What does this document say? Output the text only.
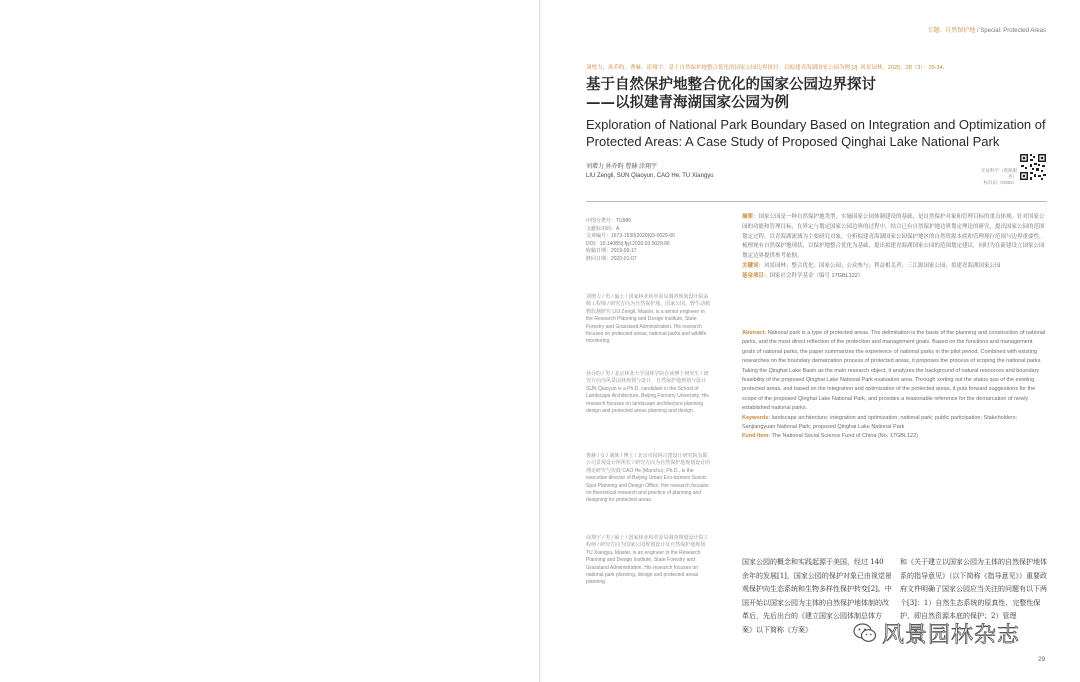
专题：自然保护地 / Special: Protected Areas
刘增力，孙乔昀，曹赫，涂翔宇．基于自然保护地整合优化的国家公园边界探讨：以拟建青海湖国家公园为例 [J]. 风景园林，2020，28（3）：29-34.
基于自然保护地整合优化的国家公园边界探讨
——以拟建青海湖国家公园为例
Exploration of National Park Boundary Based on Integration and Optimization of
Protected Areas: A Case Study of Proposed Qinghai Lake National Park
刘增力 孙乔昀 曹赫 涂翔宇
LIU Zengli, SUN Qiaoyun, CAO He, TU Xiangyu
开放科学（资源服务）
标识码（OSID）
中图分类号：TU986
文献标识码：A
文章编号：1673-1530(2020)03-0029-06
DOI：10.14085/j.fjyl.2020.03.0029.06
收稿日期：2019-09-17
修回日期：2020-01-07
刘增力 / 男 / 硕士 / 国家林业和草原局调查规划设计院高级工程师 / 研究方向为自然保护地、国家公园、野生动植物监测研究 LIU Zengli, Master, is a senior engineer in the Research Planning and Design Institute, State Forestry and Grassland Administration. His research focuses on protected areas, national parks and wildlife monitoring.
孙乔昀 / 男 / 北京林业大学园林学院在读博士研究生 / 研究方向为风景园林规划与设计、自然保护地规划与设计 SUN Qiaoyun is a Ph.D. candidate in the School of Landscape Architecture, Beijing Forestry University. His research focuses on landscape architecture planning design and protected areas planning and design.
曹赫 / 女 / 满族 / 博士 / 北京市园林古建设计研究院有限公司景观设计所所长 / 研究方向为自然保护地规划设计的理论研究与实践 CAO He (Manchu), Ph.D., is the executive director of Beijing Urban Eco-tourism Scenic Spot Planning and Design Office. Her research focuses on theoretical research and practice of planning and designing for protected areas.
涂翔宇 / 男 / 硕士 / 国家林业和草原局调查规划设计院工程师 / 研究方向为国家公园规划设计及自然保护地规划 TU Xiangyu, Master, is an engineer in the Research Planning and Design Institute, State Forestry and Grassland Administration. His research focuses on national park planning, design and protected areas planning.
摘要：国家公园是一种自然保护地类型，实施国家公园体制建设的基础，是自然保护对象和管理目标的重点体现。针对国家公园的功能和管理目标，在界定与划定国家公园边界的过程中，结合已有自然保护地边界划定理论的研究，提出国家公园的范围划定过程。以青海湖流域为主要研究对象，分析拟建青海湖国家公园保护地区的自然资源本底和管理现行范围与边界重要性，梳理现有自然保护地现状，以保护地整合优化为基础，提出拟建青海湖国家公园的范围划定建议，同时为在新建设立国家公园划定边界提供参考依据。
关键词：风景园林；整合优化；国家公园；公众参与；利益相关者；三江源国家公园；拟建青海湖国家公园
基金项目：国家社会科学基金（编号 17GBL122）
Abstract: National park is a type of protected areas. The delimitation is the basis of the planning and construction of national parks, and the most direct reflection of the protection and management goals. Based on the functions and management goals of national parks, the paper summarizes the experience of national parks in the pilot period. Combined with existing researches on the boundary demarcation process of protected areas, it proposes the process of scoping the national parks. Taking the Qinghai Lake Basin as the main research object, it analyzes the background of natural resources and boundary feasibility of the proposed Qinghai Lake National Park evaluation area. Through sorting out the status quo of the existing protected areas, and based on the integration and optimization of the protected areas, it puts forward suggestions for the scope of the proposed Qinghai Lake National Park, and provides a reasonable reference for the demarcation of newly established national parks.
Keywords: landscape architecture; integration and optimization; national park; public participation; Stakeholders; Sanjiangyuan National Park; proposed Qinghai Lake National Park
Fund Item: The National Social Science Fund of China (No. 17GBL122)
国家公园的概念和实践起源于美国，经过 140 余年的发展[1]，国家公园的保护对象已由视觉景观保护向生态系统和生物多样性保护转变[2]。中国开始以国家公园为主体的自然保护地体制的改革后，先后出台的《建立国家公园体制总体方案》以下简称《方案》
和《关于建立以国家公园为主体的自然保护地体系的指导意见》（以下简称《指导意见》）重要政府文件明确了国家公园应当关注的问题有以下两个[3]：1）自然生态系统的原真性、完整性保护，即自然资源本底的保护；2）管理
风景园林杂志
29
